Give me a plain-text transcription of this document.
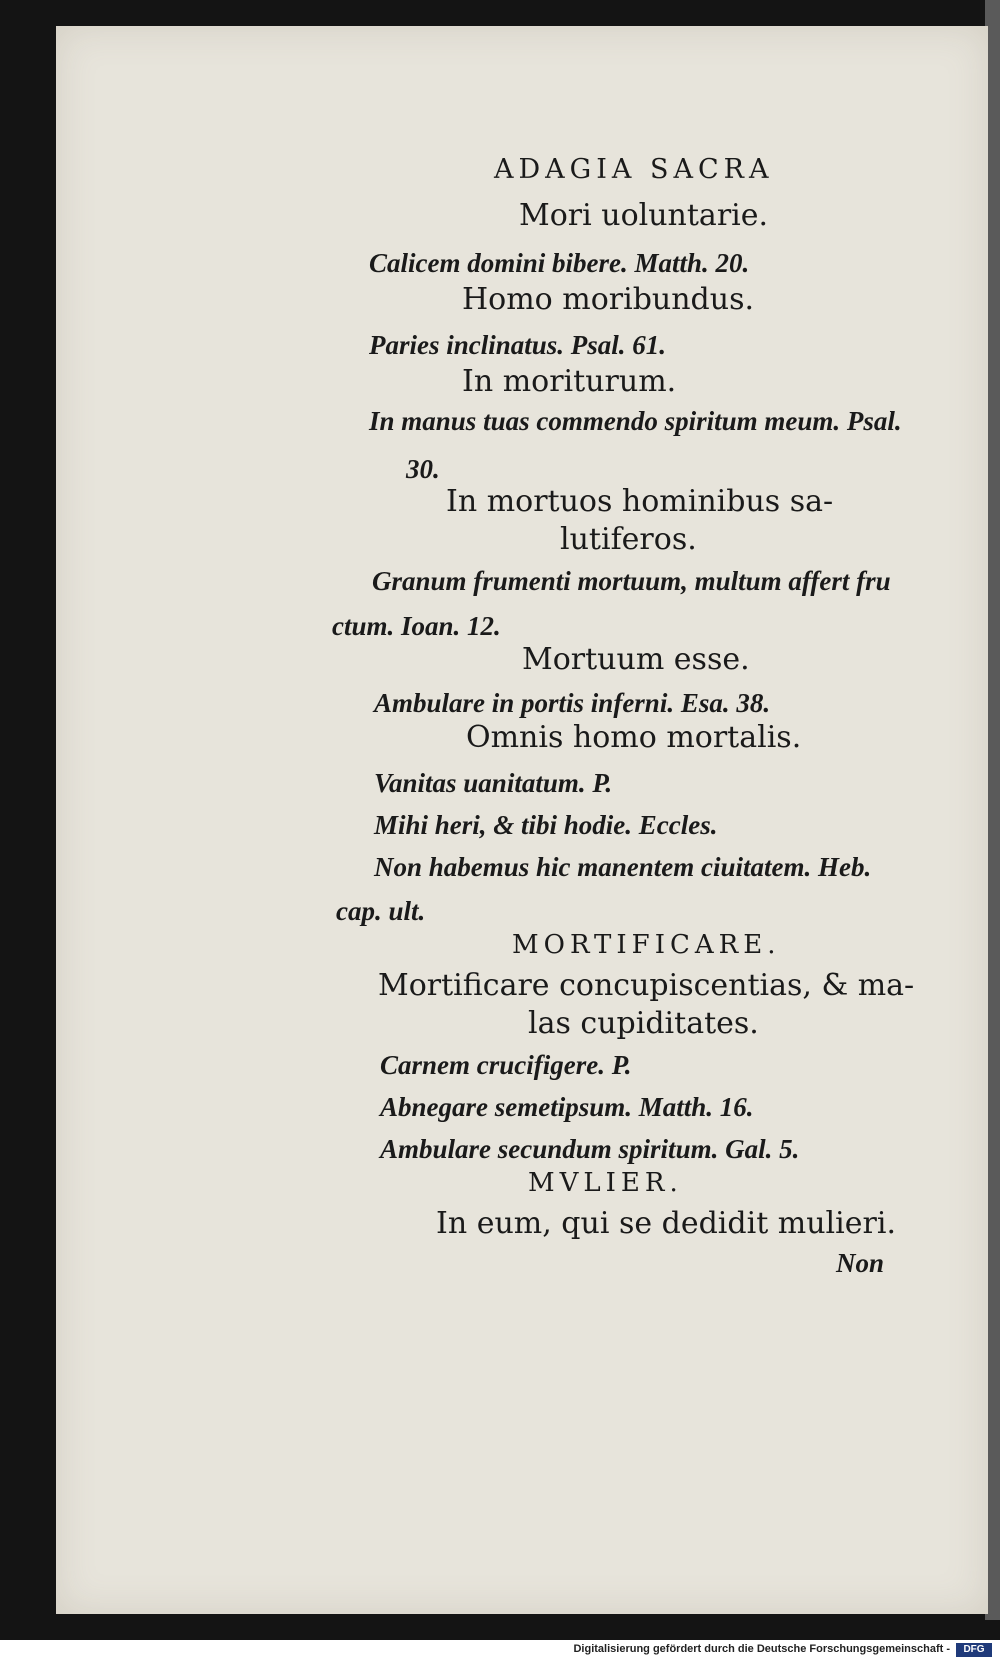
ADAGIA SACRA
Mori uoluntarie.
Calicem domini bibere. Matth. 20.
Homo moribundus.
Paries inclinatus. Psal. 61.
In moriturum.
In manus tuas commendo spiritum meum. Psal.
30.
In mortuos hominibus sa-
lutiferos.
Granum frumenti mortuum, multum affert fru
ctum. Ioan. 12.
Mortuum esse.
Ambulare in portis inferni. Esa. 38.
Omnis homo mortalis.
Vanitas uanitatum. P.
Mihi heri, & tibi hodie. Eccles.
Non habemus hic manentem ciuitatem. Heb.
cap. ult.
MORTIFICARE.
Mortificare concupiscentias, & ma-
las cupiditates.
Carnem crucifigere. P.
Abnegare semetipsum. Matth. 16.
Ambulare secundum spiritum. Gal. 5.
MVLIER.
In eum, qui se dedidit mulieri.
Non
Digitalisierung gefördert durch die Deutsche Forschungsgemeinschaft -	DFG
